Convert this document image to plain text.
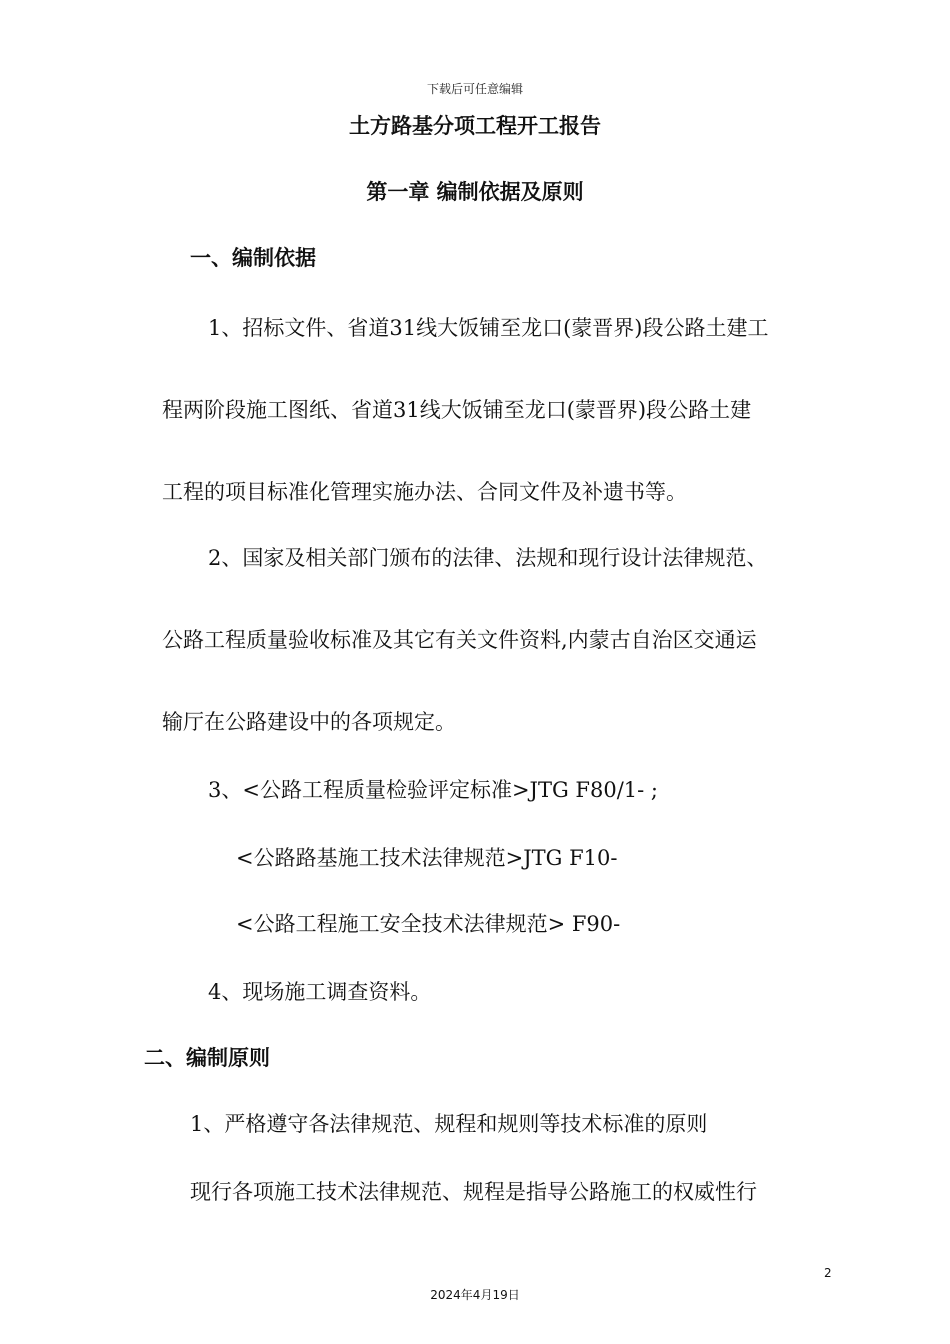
下载后可任意编辑
土方路基分项工程开工报告
第一章 编制依据及原则
一、编制依据
1、招标文件、省道31线大饭铺至龙口(蒙晋界)段公路土建工
程两阶段施工图纸、省道31线大饭铺至龙口(蒙晋界)段公路土建
工程的项目标准化管理实施办法、合同文件及补遗书等。
2、国家及相关部门颁布的法律、法规和现行设计法律规范、
公路工程质量验收标准及其它有关文件资料,内蒙古自治区交通运
输厅在公路建设中的各项规定。
3、<公路工程质量检验评定标准>JTG F80/1- ;
<公路路基施工技术法律规范>JTG F10-
<公路工程施工安全技术法律规范> F90-
4、现场施工调查资料。
二、编制原则
1、严格遵守各法律规范、规程和规则等技术标准的原则
现行各项施工技术法律规范、规程是指导公路施工的权威性行
2
2024年4月19日
